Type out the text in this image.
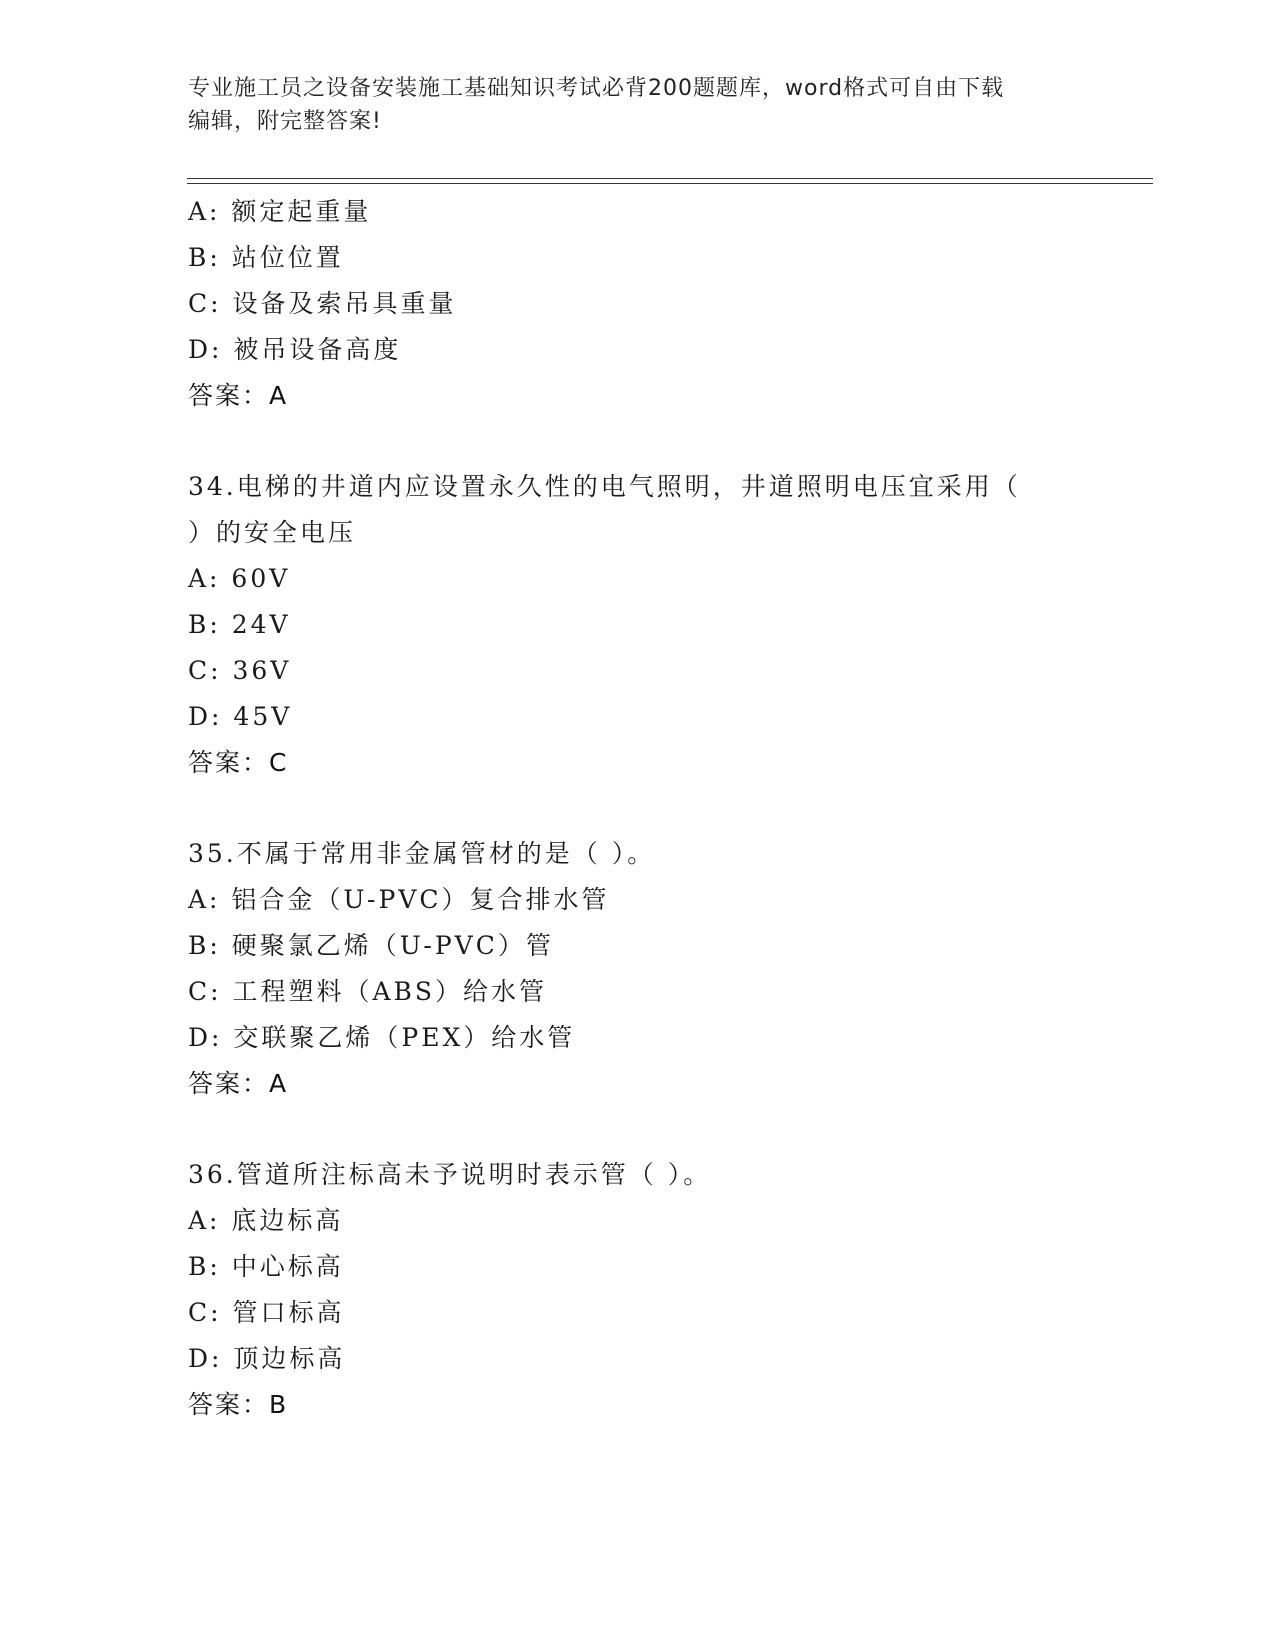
专业施工员之设备安装施工基础知识考试必背200题题库，word格式可自由下载
编辑，附完整答案!
A: 额定起重量
B: 站位位置
C: 设备及索吊具重量
D: 被吊设备高度
答案：A
34.电梯的井道内应设置永久性的电气照明，井道照明电压宜采用（
）的安全电压
A: 60V
B: 24V
C: 36V
D: 45V
答案：C
35.不属于常用非金属管材的是（ ）。
A: 铝合金（U-PVC）复合排水管
B: 硬聚氯乙烯（U-PVC）管
C: 工程塑料（ABS）给水管
D: 交联聚乙烯（PEX）给水管
答案：A
36.管道所注标高未予说明时表示管（ ）。
A: 底边标高
B: 中心标高
C: 管口标高
D: 顶边标高
答案：B
